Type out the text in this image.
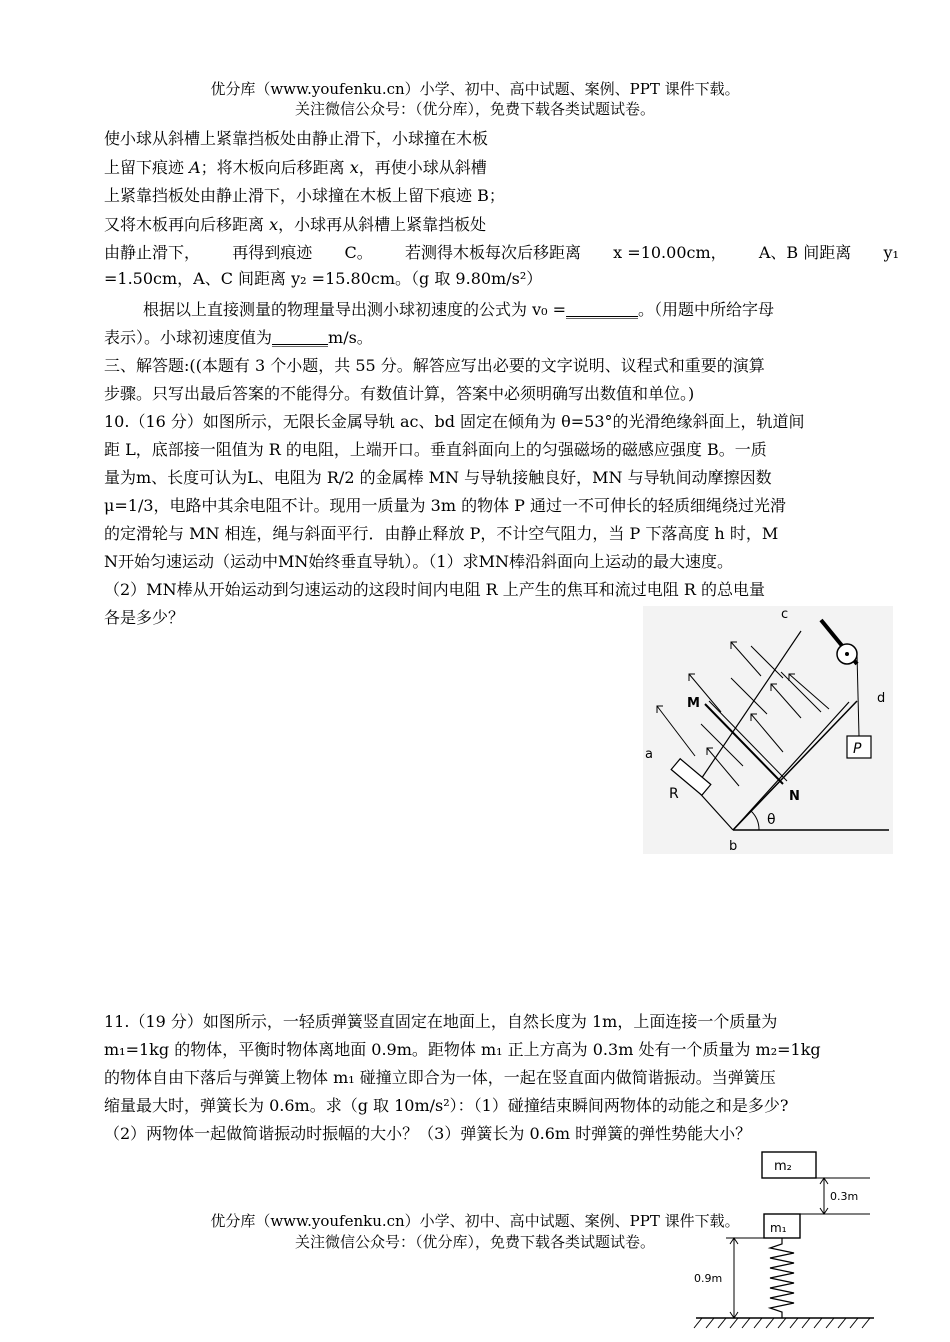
优分库（www.youfenku.cn）小学、初中、高中试题、案例、PPT 课件下载。
关注微信公众号：（优分库），免费下载各类试题试卷。
使小球从斜槽上紧靠挡板处由静止滑下，小球撞在木板
上留下痕迹 A；将木板向后移距离 x，再使小球从斜槽
上紧靠挡板处由静止滑下，小球撞在木板上留下痕迹 B；
又将木板再向后移距离 x，小球再从斜槽上紧靠挡板处
由静止滑下， 再得到痕迹 C。 若测得木板每次后移距离 x =10.00cm， A、B 间距离 y₁
=1.50cm，A、C 间距离 y₂ =15.80cm。（g 取 9.80m/s²）
根据以上直接测量的物理量导出测小球初速度的公式为 v₀ =_________。（用题中所给字母
表示）。小球初速度值为_______m/s。
三、解答题:((本题有 3 个小题，共 55 分。解答应写出必要的文字说明、议程式和重要的演算
步骤。只写出最后答案的不能得分。有数值计算，答案中必须明确写出数值和单位。)
10.（16 分）如图所示，无限长金属导轨 ac、bd 固定在倾角为 θ=53°的光滑绝缘斜面上，轨道间
距 L，底部接一阻值为 R 的电阻，上端开口。垂直斜面向上的匀强磁场的磁感应强度 B。一质
量为m、长度可认为L、电阻为 R/2 的金属棒 MN 与导轨接触良好，MN 与导轨间动摩擦因数
μ=1/3，电路中其余电阻不计。现用一质量为 3m 的物体 P 通过一不可伸长的轻质细绳绕过光滑
的定滑轮与 MN 相连，绳与斜面平行．由静止释放 P，不计空气阻力，当 P 下落高度 h 时，M
N开始匀速运动（运动中MN始终垂直导轨）。（1）求MN棒沿斜面向上运动的最大速度。
（2）MN棒从开始运动到匀速运动的这段时间内电阻 R 上产生的焦耳和流过电阻 R 的总电量
各是多少？	c
d
M
N
a
R
b
θ
P
11.（19 分）如图所示，一轻质弹簧竖直固定在地面上，自然长度为 1m，上面连接一个质量为
m₁=1kg 的物体，平衡时物体离地面 0.9m。距物体 m₁ 正上方高为 0.3m 处有一个质量为 m₂=1kg
的物体自由下落后与弹簧上物体 m₁ 碰撞立即合为一体，一起在竖直面内做简谐振动。当弹簧压
缩量最大时，弹簧长为 0.6m。求（g 取 10m/s²）：（1）碰撞结束瞬间两物体的动能之和是多少?
（2）两物体一起做简谐振动时振幅的大小？（3）弹簧长为 0.6m 时弹簧的弹性势能大小？
m₂
0.3m
m₁
0.9m
优分库（www.youfenku.cn）小学、初中、高中试题、案例、PPT 课件下载。
关注微信公众号：（优分库），免费下载各类试题试卷。
